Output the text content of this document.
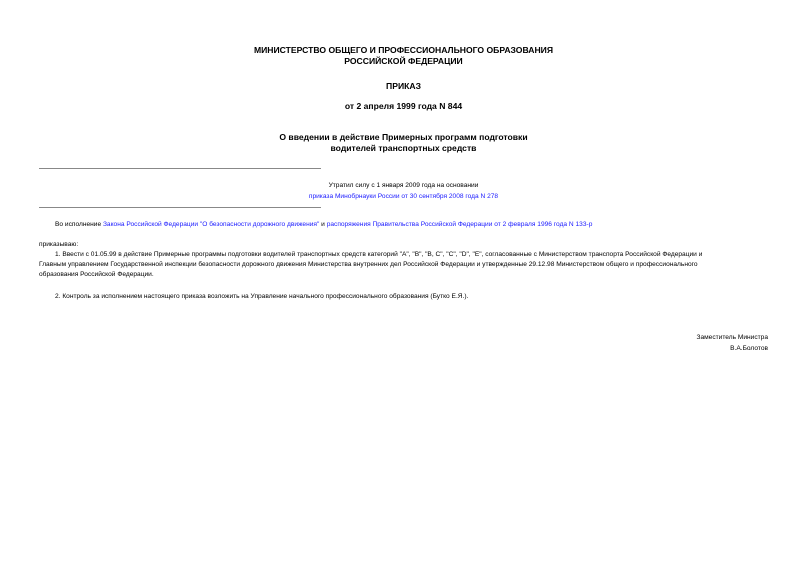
МИНИСТЕРСТВО ОБЩЕГО И ПРОФЕССИОНАЛЬНОГО ОБРАЗОВАНИЯ
РОССИЙСКОЙ ФЕДЕРАЦИИ
ПРИКАЗ
от 2 апреля 1999 года N 844
О введении в действие Примерных программ подготовки
водителей транспортных средств
Утратил силу с 1 января 2009 года на основании
приказа Минобрнауки России от 30 сентября 2008 года N 278
Во исполнение Закона Российской Федерации "О безопасности дорожного движения" и распоряжения Правительства Российской Федерации от 2 февраля 1996 года N 133-р
приказываю:
1. Ввести с 01.05.99 в действие Примерные программы подготовки водителей транспортных средств категорий "А", "В", "В, С", "С", "D", "Е", согласованные с Министерством транспорта Российской Федерации и
Главным управлением Государственной инспекции безопасности дорожного движения Министерства внутренних дел Российской Федерации и утвержденные 29.12.98 Министерством общего и профессионального
образования Российской Федерации.
2. Контроль за исполнением настоящего приказа возложить на Управление начального профессионального образования (Бутко Е.Я.).
Заместитель Министра
В.А.Болотов
